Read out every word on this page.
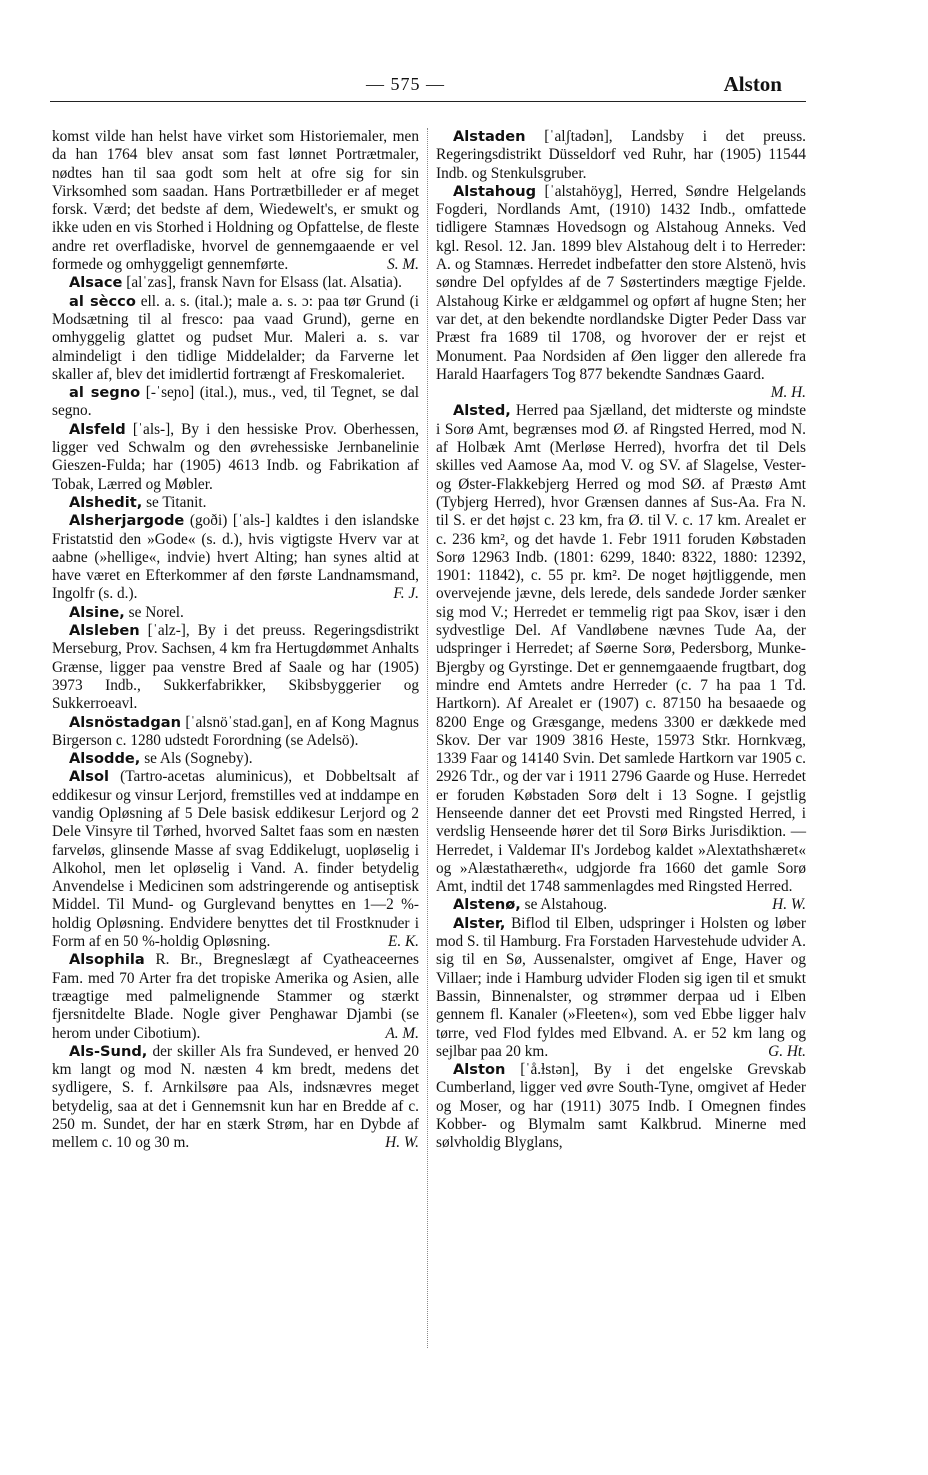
— 575 —	Alston

komst vilde han helst have virket som Historiemaler, men da han 1764 blev ansat som fast lønnet Portrætmaler, nødtes han til saa godt som helt at ofre sig for sin Virksomhed som saadan. Hans Portrætbilleder er af meget forsk. Værd; det bedste af dem, Wiedewelt's, er smukt og ikke uden en vis Storhed i Holdning og Opfattelse, de fleste andre ret overfladiske, hvorvel de gennemgaaende er vel formede og omhyggeligt gennemførte.	S. M.

Alsace [alˈzas], fransk Navn for Elsass (lat. Alsatia).

al sècco ell. a. s. (ital.); male a. s. ɔ: paa tør Grund (i Modsætning til al fresco: paa vaad Grund), gerne en omhyggelig glattet og pudset Mur. Maleri a. s. var almindeligt i den tidlige Middelalder; da Farverne let skaller af, blev det imidlertid fortrængt af Freskomaleriet.

al segno [-ˈseɲo] (ital.), mus., ved, til Tegnet, se dal segno.

Alsfeld [ˈals-], By i den hessiske Prov. Oberhessen, ligger ved Schwalm og den øvrehessiske Jernbanelinie Gieszen-Fulda; har (1905) 4613 Indb. og Fabrikation af Tobak, Lærred og Møbler.

Alshedit, se Titanit.

Alsherjargode (goði) [ˈals-] kaldtes i den islandske Fristatstid den »Gode« (s. d.), hvis vigtigste Hverv var at aabne (»hellige«, indvie) hvert Alting; han synes altid at have været en Efterkommer af den første Landnamsmand, Ingolfr (s. d.).	F. J.

Alsine, se Norel.

Alsleben [ˈalz-], By i det preuss. Regeringsdistrikt Merseburg, Prov. Sachsen, 4 km fra Hertugdømmet Anhalts Grænse, ligger paa venstre Bred af Saale og har (1905) 3973 Indb., Sukkerfabrikker, Skibsbyggerier og Sukkerroeavl.

Alsnöstadgan [ˈalsnöˈstad.gan], en af Kong Magnus Birgerson c. 1280 udstedt Forordning (se Adelsö).

Alsodde, se Als (Sogneby).

Alsol (Tartro-acetas aluminicus), et Dobbeltsalt af eddikesur og vinsur Lerjord, fremstilles ved at inddampe en vandig Opløsning af 5 Dele basisk eddikesur Lerjord og 2 Dele Vinsyre til Tørhed, hvorved Saltet faas som en næsten farveløs, glinsende Masse af svag Eddikelugt, uopløselig i Alkohol, men let opløselig i Vand. A. finder betydelig Anvendelse i Medicinen som adstringerende og antiseptisk Middel. Til Mund- og Gurglevand benyttes en 1—2 %-holdig Opløsning. Endvidere benyttes det til Frostknuder i Form af en 50 %-holdig Opløsning.	E. K.

Alsophila R. Br., Bregneslægt af Cyatheaceernes Fam. med 70 Arter fra det tropiske Amerika og Asien, alle træagtige med palmelignende Stammer og stærkt fjersnitdelte Blade. Nogle giver Penghawar Djambi (se herom under Cibotium).	A. M.

Als-Sund, der skiller Als fra Sundeved, er henved 20 km langt og mod N. næsten 4 km bredt, medens det sydligere, S. f. Arnkilsøre paa Als, indsnævres meget betydelig, saa at det i Gennemsnit kun har en Bredde af c. 250 m. Sundet, der har en stærk Strøm, har en Dybde af mellem c. 10 og 30 m.	H. W.

Alstaden [ˈalʃtadən], Landsby i det preuss. Regeringsdistrikt Düsseldorf ved Ruhr, har (1905) 11544 Indb. og Stenkulsgruber.

Alstahoug [ˈalstahöyg], Herred, Søndre Helgelands Fogderi, Nordlands Amt, (1910) 1432 Indb., omfattede tidligere Stamnæs Hovedsogn og Alstahoug Anneks. Ved kgl. Resol. 12. Jan. 1899 blev Alstahoug delt i to Herreder: A. og Stamnæs. Herredet indbefatter den store Alstenö, hvis søndre Del opfyldes af de 7 Søstertinders mægtige Fjelde. Alstahoug Kirke er ældgammel og opført af hugne Sten; her var det, at den bekendte nordlandske Digter Peder Dass var Præst fra 1689 til 1708, og hvorover der er rejst et Monument. Paa Nordsiden af Øen ligger den allerede fra Harald Haarfagers Tog 877 bekendte Sandnæs Gaard.
M. H.

Alsted, Herred paa Sjælland, det midterste og mindste i Sorø Amt, begrænses mod Ø. af Ringsted Herred, mod N. af Holbæk Amt (Merløse Herred), hvorfra det til Dels skilles ved Aamose Aa, mod V. og SV. af Slagelse, Vester- og Øster-Flakkebjerg Herred og mod SØ. af Præstø Amt (Tybjerg Herred), hvor Grænsen dannes af Sus-Aa. Fra N. til S. er det højst c. 23 km, fra Ø. til V. c. 17 km. Arealet er c. 236 km², og det havde 1. Febr 1911 foruden Købstaden Sorø 12963 Indb. (1801: 6299, 1840: 8322, 1880: 12392, 1901: 11842), c. 55 pr. km². De noget højtliggende, men overvejende jævne, dels lerede, dels sandede Jorder sænker sig mod V.; Herredet er temmelig rigt paa Skov, især i den sydvestlige Del. Af Vandløbene nævnes Tude Aa, der udspringer i Herredet; af Søerne Sorø, Pedersborg, Munke-Bjergby og Gyrstinge. Det er gennemgaaende frugtbart, dog mindre end Amtets andre Herreder (c. 7 ha paa 1 Td. Hartkorn). Af Arealet er (1907) c. 87150 ha besaaede og 8200 Enge og Græsgange, medens 3300 er dækkede med Skov. Der var 1909 3816 Heste, 15973 Stkr. Hornkvæg, 1339 Faar og 14140 Svin. Det samlede Hartkorn var 1905 c. 2926 Tdr., og der var i 1911 2796 Gaarde og Huse. Herredet er foruden Købstaden Sorø delt i 13 Sogne. I gejstlig Henseende danner det eet Provsti med Ringsted Herred, i verdslig Henseende hører det til Sorø Birks Jurisdiktion. — Herredet, i Valdemar II's Jordebog kaldet »Alextathshæret« og »Alæstathæreth«, udgjorde fra 1660 det gamle Sorø Amt, indtil det 1748 sammenlagdes med Ringsted Herred.
H. W.

Alstenø, se Alstahoug.

Alster, Biflod til Elben, udspringer i Holsten og løber mod S. til Hamburg. Fra Forstaden Harvestehude udvider A. sig til en Sø, Aussenalster, omgivet af Enge, Haver og Villaer; inde i Hamburg udvider Floden sig igen til et smukt Bassin, Binnenalster, og strømmer derpaa ud i Elben gennem fl. Kanaler (»Fleeten«), som ved Ebbe ligger halv tørre, ved Flod fyldes med Elbvand. A. er 52 km lang og sejlbar paa 20 km.	G. Ht.

Alston [ˈå.ɫstən], By i det engelske Grevskab Cumberland, ligger ved øvre South-Tyne, omgivet af Heder og Moser, og har (1911) 3075 Indb. I Omegnen findes Kobber- og Blymalm samt Kalkbrud. Minerne med sølvholdig Blyglans,
